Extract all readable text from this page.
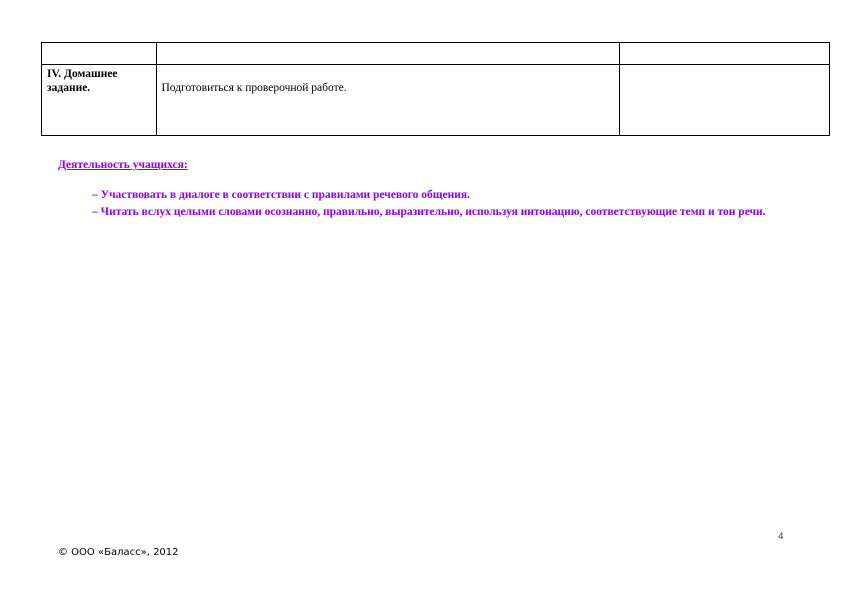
IV. Домашнее задание.	Подготовиться к проверочной работе.	

Деятельность учащихся:

– Участвовать в диалоге в соответствии с правилами речевого общения.

– Читать вслух целыми словами осознанно, правильно, выразительно, используя интонацию, соответствующие темп и тон речи.

4
© ООО «Баласс», 2012
